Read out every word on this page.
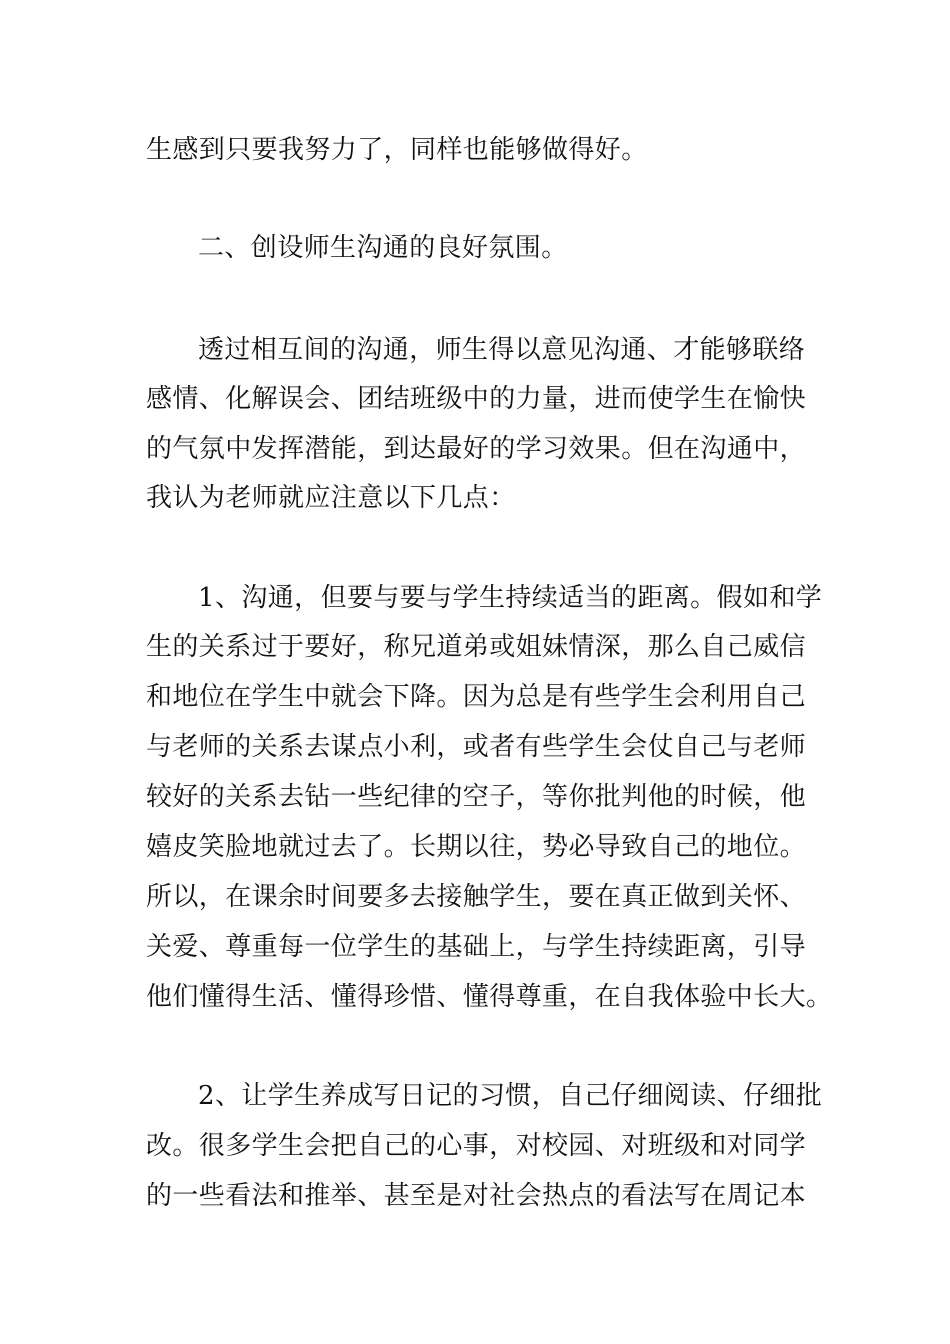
生感到只要我努力了，同样也能够做得好。

二、创设师生沟通的良好氛围。

透过相互间的沟通，师生得以意见沟通、才能够联络

感情、化解误会、团结班级中的力量，进而使学生在愉快

的气氛中发挥潜能，到达最好的学习效果。但在沟通中，

我认为老师就应注意以下几点：

1、沟通，但要与要与学生持续适当的距离。假如和学

生的关系过于要好，称兄道弟或姐妹情深，那么自己威信

和地位在学生中就会下降。因为总是有些学生会利用自己

与老师的关系去谋点小利，或者有些学生会仗自己与老师

较好的关系去钻一些纪律的空子，等你批判他的时候，他

嬉皮笑脸地就过去了。长期以往，势必导致自己的地位。

所以，在课余时间要多去接触学生，要在真正做到关怀、

关爱、尊重每一位学生的基础上，与学生持续距离，引导

他们懂得生活、懂得珍惜、懂得尊重，在自我体验中长大。

2、让学生养成写日记的习惯，自己仔细阅读、仔细批

改。很多学生会把自己的心事，对校园、对班级和对同学

的一些看法和推举、甚至是对社会热点的看法写在周记本
